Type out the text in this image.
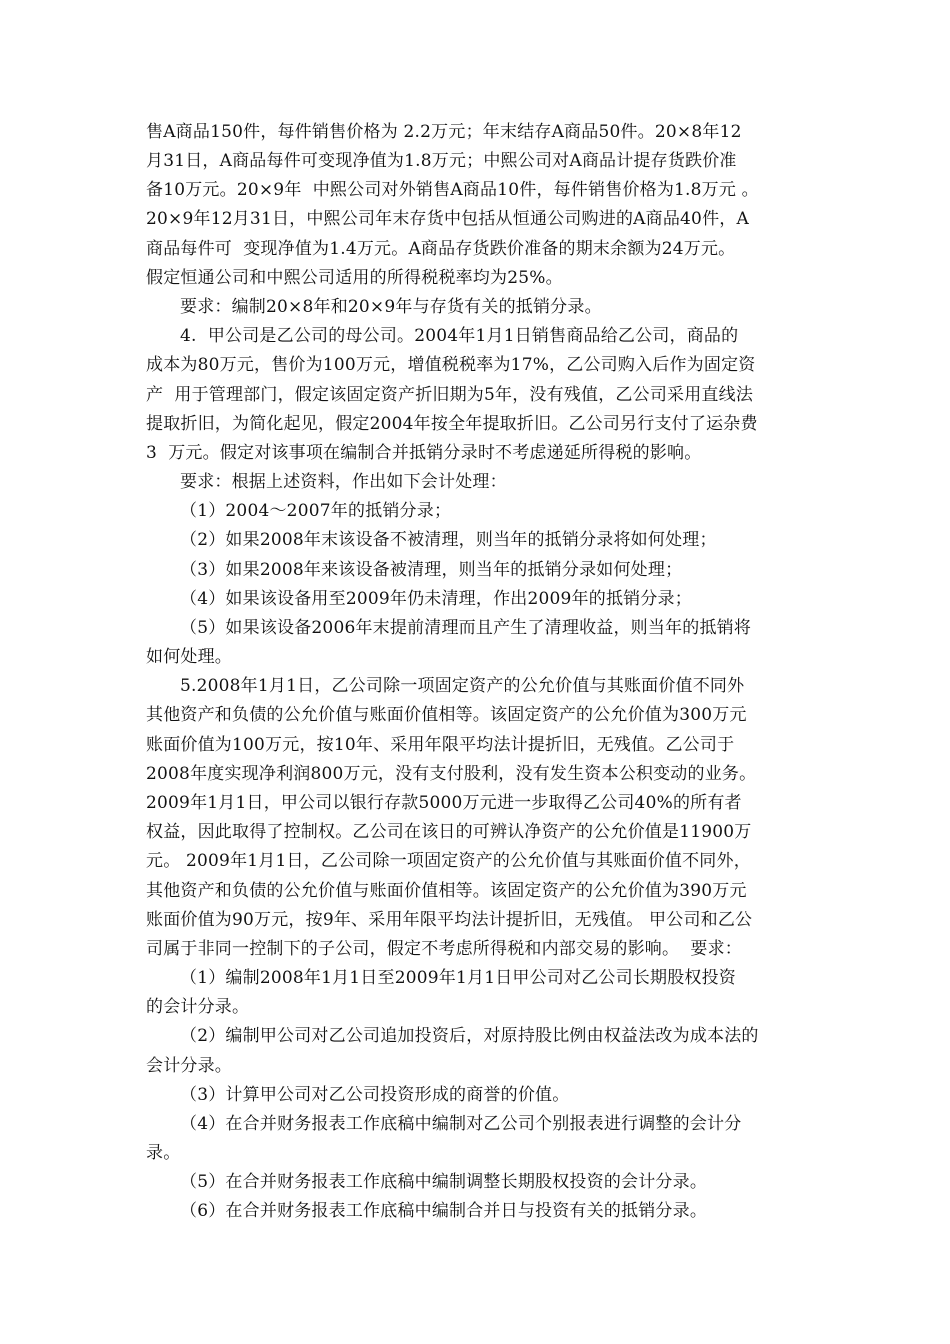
售A商品150件，每件销售价格为 2.2万元；年末结存A商品50件。20×8年12
月31日，A商品每件可变现净值为1.8万元；中熙公司对A商品计提存货跌价准
备10万元。20×9年  中熙公司对外销售A商品10件，每件销售价格为1.8万元 。
20×9年12月31日，中熙公司年末存货中包括从恒通公司购进的A商品40件，A
商品每件可  变现净值为1.4万元。A商品存货跌价准备的期末余额为24万元。
假定恒通公司和中熙公司适用的所得税税率均为25%。
要求：编制20×8年和20×9年与存货有关的抵销分录。
4.  甲公司是乙公司的母公司。2004年1月1日销售商品给乙公司，商品的
成本为80万元，售价为100万元，增值税税率为17%，乙公司购入后作为固定资
产  用于管理部门，假定该固定资产折旧期为5年，没有残值，乙公司采用直线法
提取折旧，为简化起见，假定2004年按全年提取折旧。乙公司另行支付了运杂费
3  万元。假定对该事项在编制合并抵销分录时不考虑递延所得税的影响。
要求：根据上述资料，作出如下会计处理：
（1）2004～2007年的抵销分录；
（2）如果2008年末该设备不被清理，则当年的抵销分录将如何处理；
（3）如果2008年来该设备被清理，则当年的抵销分录如何处理；
（4）如果该设备用至2009年仍未清理，作出2009年的抵销分录；
（5）如果该设备2006年末提前清理而且产生了清理收益，则当年的抵销将
如何处理。
5.2008年1月1日，乙公司除一项固定资产的公允价值与其账面价值不同外
其他资产和负债的公允价值与账面价值相等。该固定资产的公允价值为300万元
账面价值为100万元，按10年、采用年限平均法计提折旧，无残值。乙公司于
2008年度实现净利润800万元，没有支付股利，没有发生资本公积变动的业务。
2009年1月1日，甲公司以银行存款5000万元进一步取得乙公司40%的所有者
权益，因此取得了控制权。乙公司在该日的可辨认净资产的公允价值是11900万
元。 2009年1月1日，乙公司除一项固定资产的公允价值与其账面价值不同外，
其他资产和负债的公允价值与账面价值相等。该固定资产的公允价值为390万元
账面价值为90万元，按9年、采用年限平均法计提折旧，无残值。 甲公司和乙公
司属于非同一控制下的子公司，假定不考虑所得税和内部交易的影响。  要求：
（1）编制2008年1月1日至2009年1月1日甲公司对乙公司长期股权投资
的会计分录。
（2）编制甲公司对乙公司追加投资后，对原持股比例由权益法改为成本法的
会计分录。
（3）计算甲公司对乙公司投资形成的商誉的价值。
（4）在合并财务报表工作底稿中编制对乙公司个别报表进行调整的会计分
录。
（5）在合并财务报表工作底稿中编制调整长期股权投资的会计分录。
（6）在合并财务报表工作底稿中编制合并日与投资有关的抵销分录。
